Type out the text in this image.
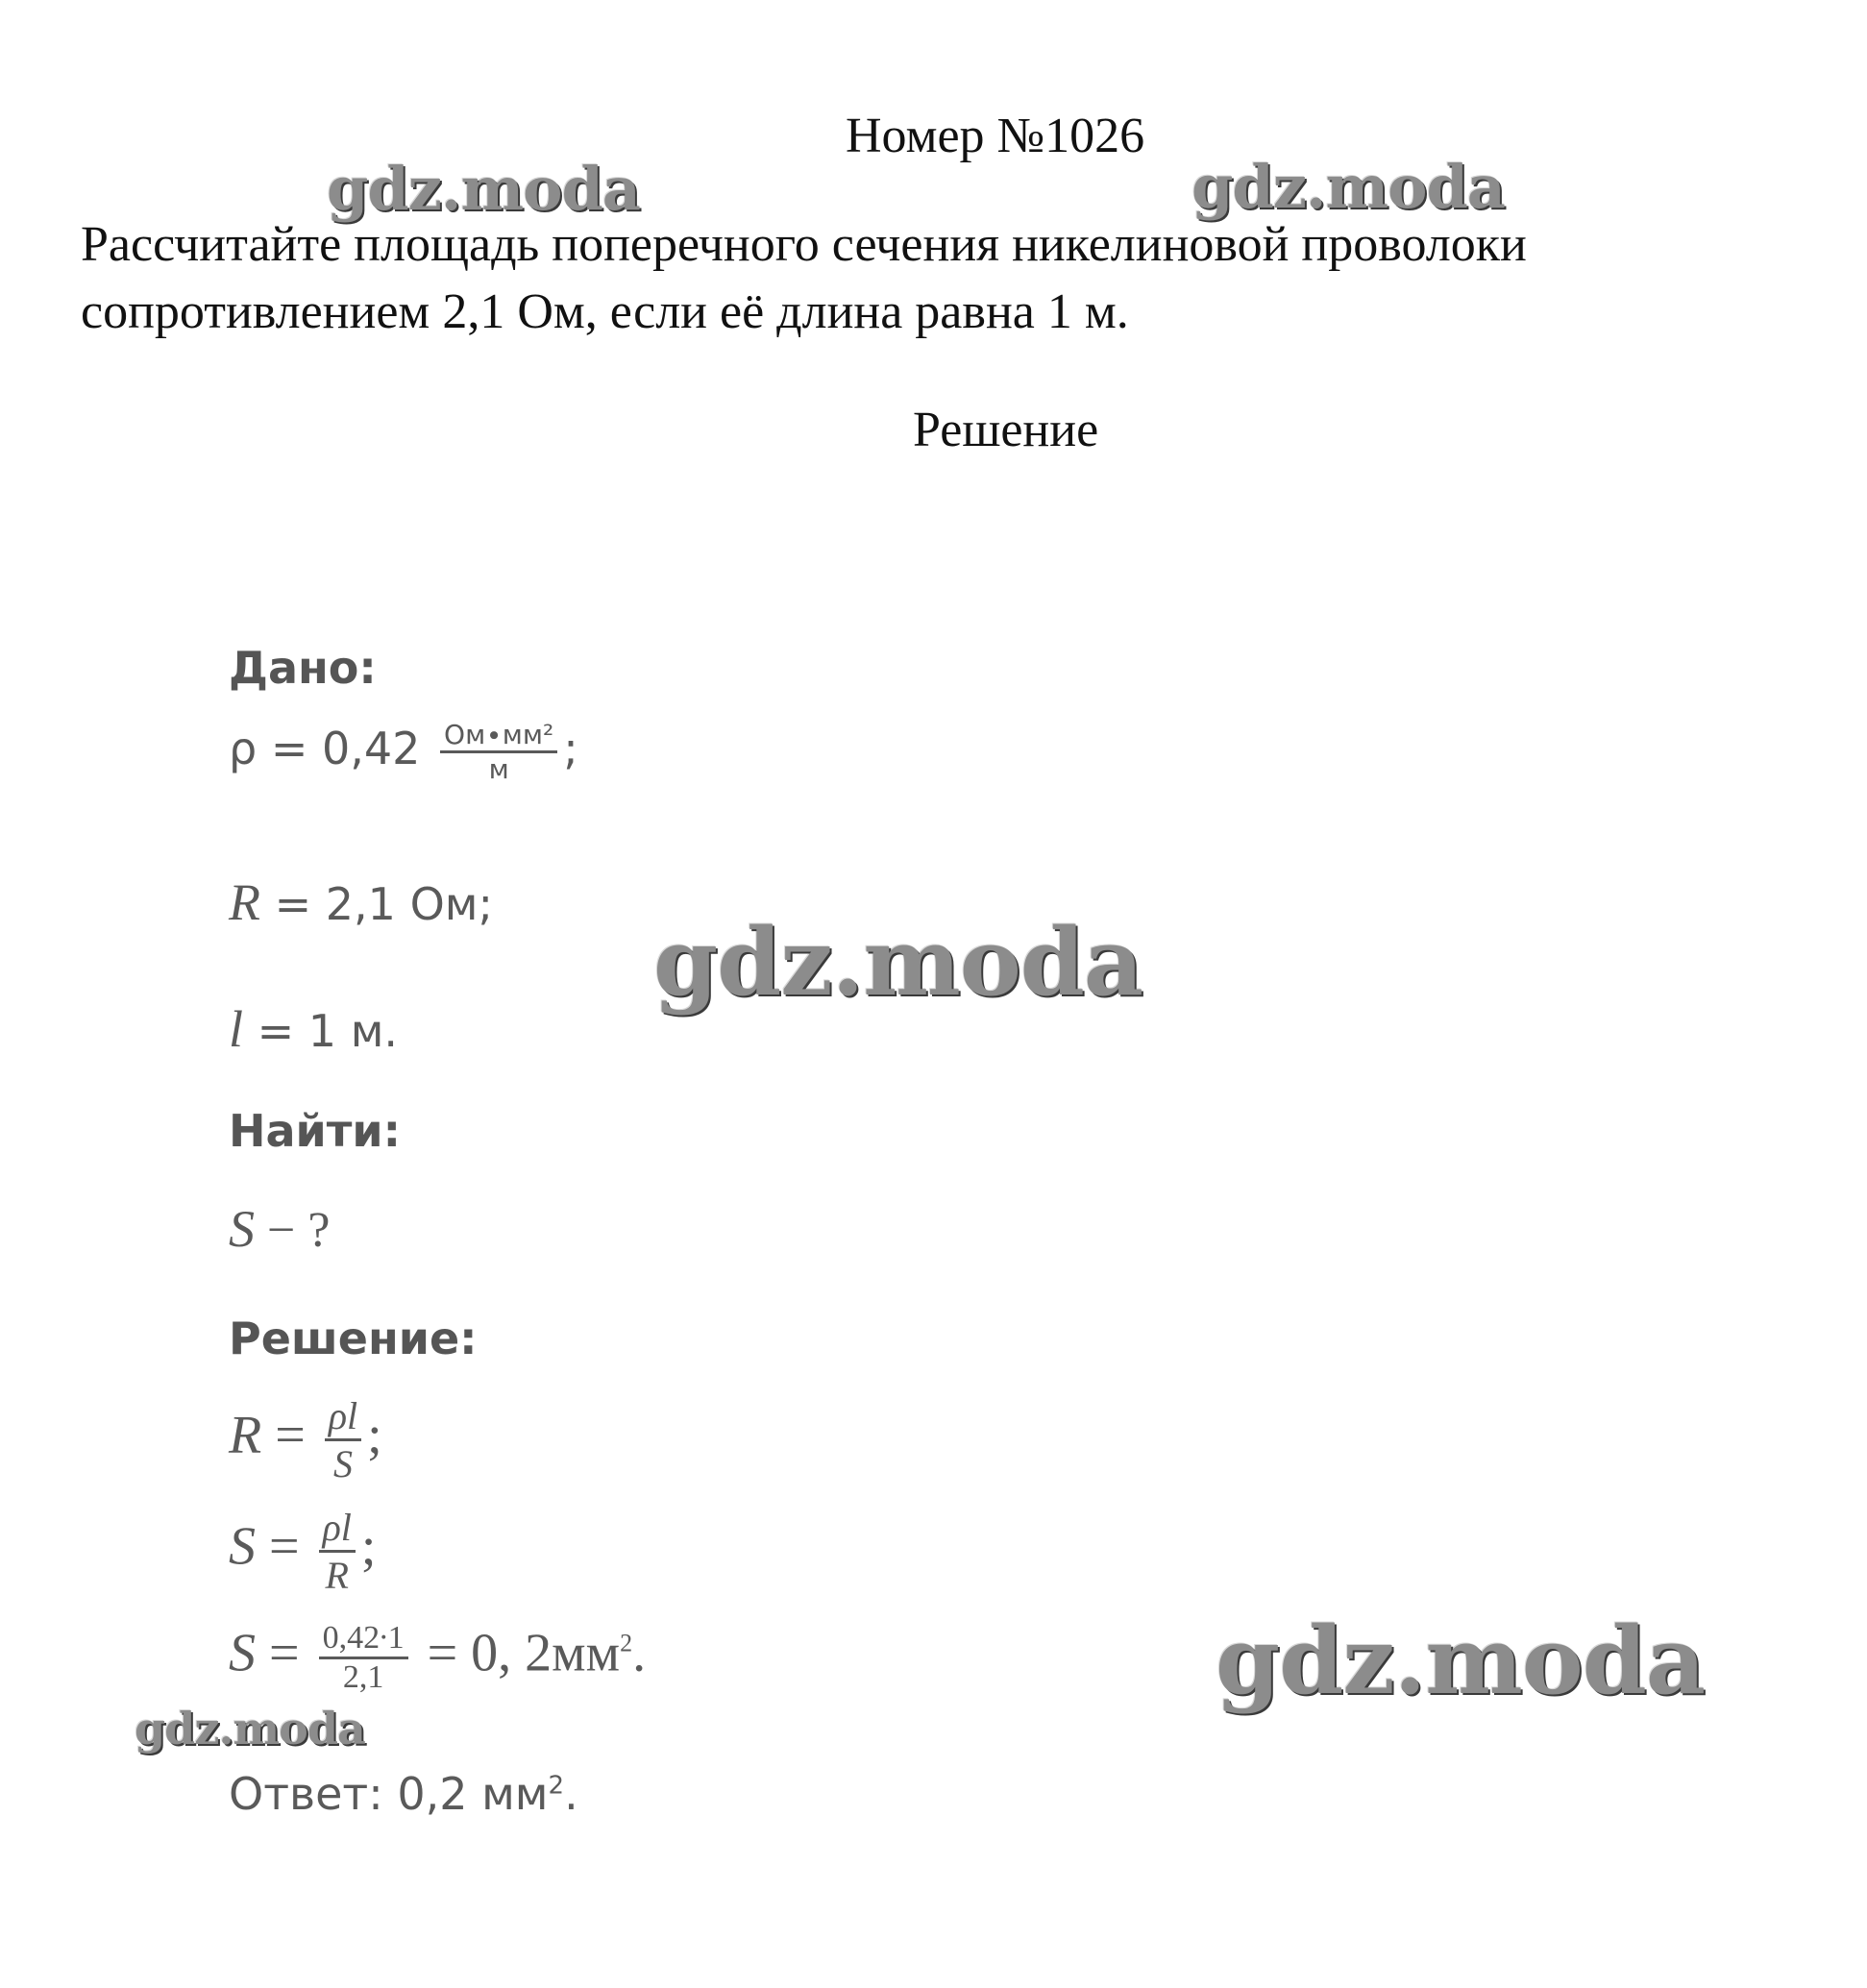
Номер №1026
Рассчитайте площадь поперечного сечения никелиновой проволоки
сопротивлением 2,1 Ом, если её длина равна 1 м.
Решение
Дано:
$\rho = 0,42 \frac{\text{Ом∙мм²}}{м}$ ;
R = 2,1 Ом;
l = 1 м.
Найти:
S − ?
Решение:
$R = \frac{\rho l}{S}$ ;
$S = \frac{\rho l}{R}$ ;
$S = \frac{0,42\cdot 1}{2,1} = 0$, $2мм^2$.
Ответ: 0,2 $мм^2$.
gdz.moda	gdz.moda
gdz.moda
gdz.moda
gdz.moda
